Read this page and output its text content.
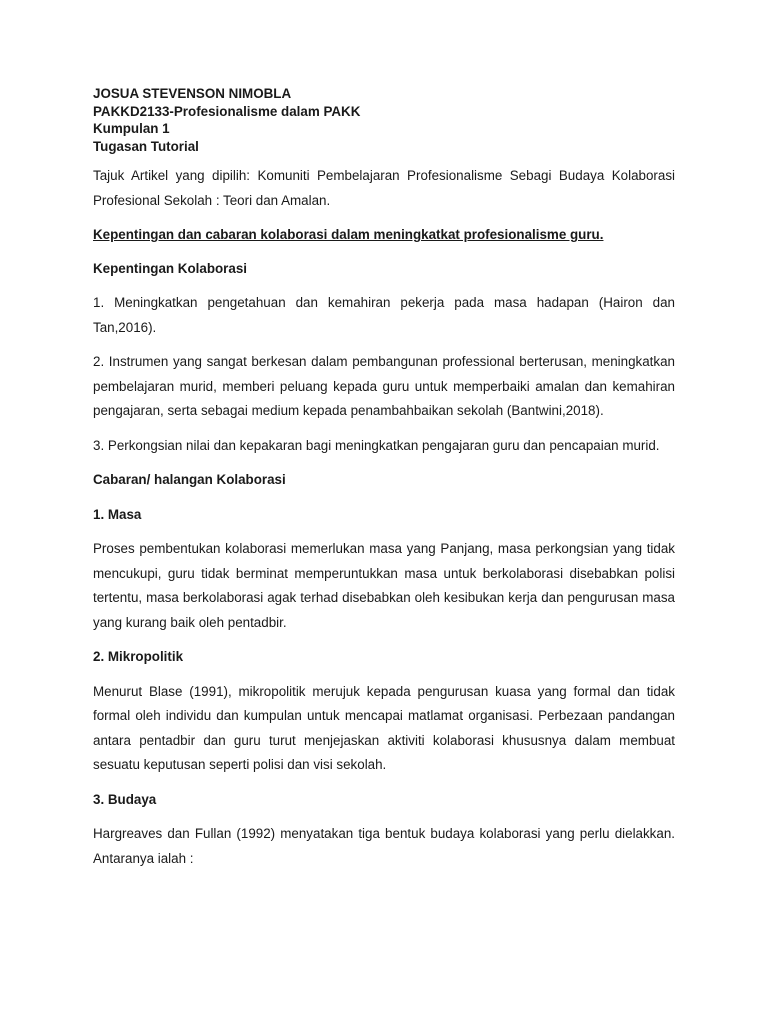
JOSUA STEVENSON NIMOBLA
PAKKD2133-Profesionalisme dalam PAKK
Kumpulan 1
Tugasan Tutorial

Tajuk Artikel yang dipilih: Komuniti Pembelajaran Profesionalisme Sebagi Budaya Kolaborasi Profesional Sekolah : Teori dan Amalan.

Kepentingan dan cabaran kolaborasi dalam meningkatkat profesionalisme guru.
Kepentingan Kolaborasi

1. Meningkatkan pengetahuan dan kemahiran pekerja pada masa hadapan (Hairon dan Tan,2016).

2. Instrumen yang sangat berkesan dalam pembangunan professional berterusan, meningkatkan pembelajaran murid, memberi peluang kepada guru untuk memperbaiki amalan dan kemahiran pengajaran, serta sebagai medium kepada penambahbaikan sekolah (Bantwini,2018).

3. Perkongsian nilai dan kepakaran bagi meningkatkan pengajaran guru dan pencapaian murid.

Cabaran/ halangan Kolaborasi
1. Masa

Proses pembentukan kolaborasi memerlukan masa yang Panjang, masa perkongsian yang tidak mencukupi, guru tidak berminat memperuntukkan masa untuk berkolaborasi disebabkan polisi tertentu, masa berkolaborasi agak terhad disebabkan oleh kesibukan kerja dan pengurusan masa yang kurang baik oleh pentadbir.

2. Mikropolitik

Menurut Blase (1991), mikropolitik merujuk kepada pengurusan kuasa yang formal dan tidak formal oleh individu dan kumpulan untuk mencapai matlamat organisasi. Perbezaan pandangan antara pentadbir dan guru turut menjejaskan aktiviti kolaborasi khususnya dalam membuat sesuatu keputusan seperti polisi dan visi sekolah.

3. Budaya

Hargreaves dan Fullan (1992) menyatakan tiga bentuk budaya kolaborasi yang perlu dielakkan. Antaranya ialah :
